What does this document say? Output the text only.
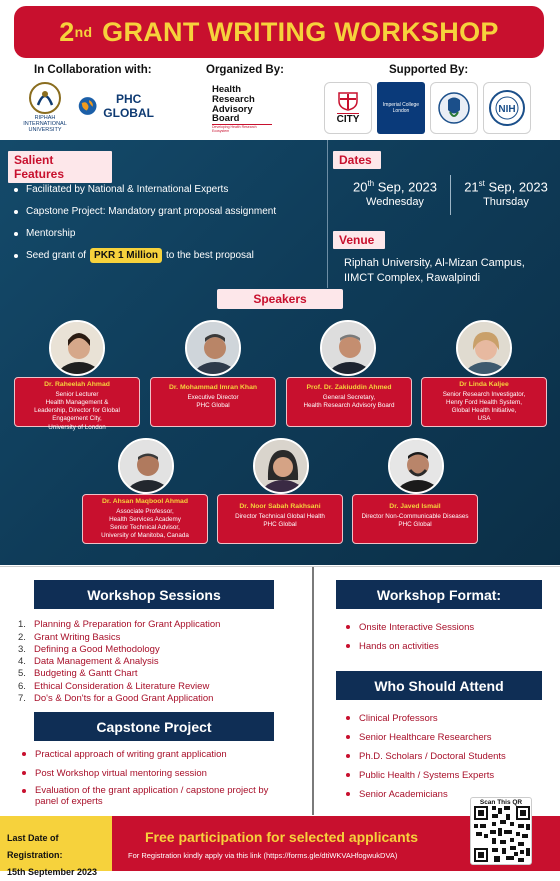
2 nd
GRANT WRITING WORKSHOP
In Collaboration with:	Organized By:	Supported By:
RIPHAH INTERNATIONAL UNIVERSITY
PHC GLOBAL
Health
Research
Advisory
Board
Developing Health Research Ecosystem
CITY
Imperial College London	NIH
Salient Features
Facilitated by National & International Experts
Capstone Project: Mandatory grant proposal assignment
Mentorship
Seed grant of PKR 1 Million to the best proposal
Dates
20th Sep, 2023
Wednesday
21st Sep, 2023
Thursday
Venue
Riphah University, Al-Mizan Campus,
IIMCT Complex, Rawalpindi
Speakers
Dr. Raheelah Ahmad
Senior Lecturer
Health Management &
Leadership, Director for Global
Engagement City,
University of London
Dr. Mohammad Imran Khan
Executive Director
PHC Global
Prof. Dr. Zakiuddin Ahmed
General Secretary,
Health Research Advisory Board
Dr Linda Kaljee
Senior Research Investigator,
Henry Ford Health System,
Global Health Initiative,
USA
Dr. Ahsan Maqbool Ahmad
Associate Professor,
Health Services Academy
Senior Technical Advisor,
University of Manitoba, Canada
Dr. Noor Sabah Rakhsani
Director Technical Global Health
PHC Global
Dr. Javed Ismail
Director Non-Communicable Diseases
PHC Global
Workshop Sessions
1. Planning & Preparation for Grant Application
2. Grant Writing Basics
3. Defining a Good Methodology
4. Data Management & Analysis
5. Budgeting & Gantt Chart
6. Ethical Consideration & Literature Review
7. Do's & Don'ts for a Good Grant Application
Capstone Project
Practical approach of writing grant application
Post Workshop virtual mentoring session
Evaluation of the grant application / capstone project by panel of experts
Workshop Format:
Onsite Interactive Sessions
Hands on activities
Who Should Attend
Clinical Professors
Senior Healthcare Researchers
Ph.D. Scholars / Doctoral Students
Public Health / Systems Experts
Senior Academicians
Last Date of Registration:
15th September 2023
Free participation for selected applicants
For Registration kindly apply via this link (https://forms.gle/dtiWKVAHfogwukDVA)
Scan This QR
